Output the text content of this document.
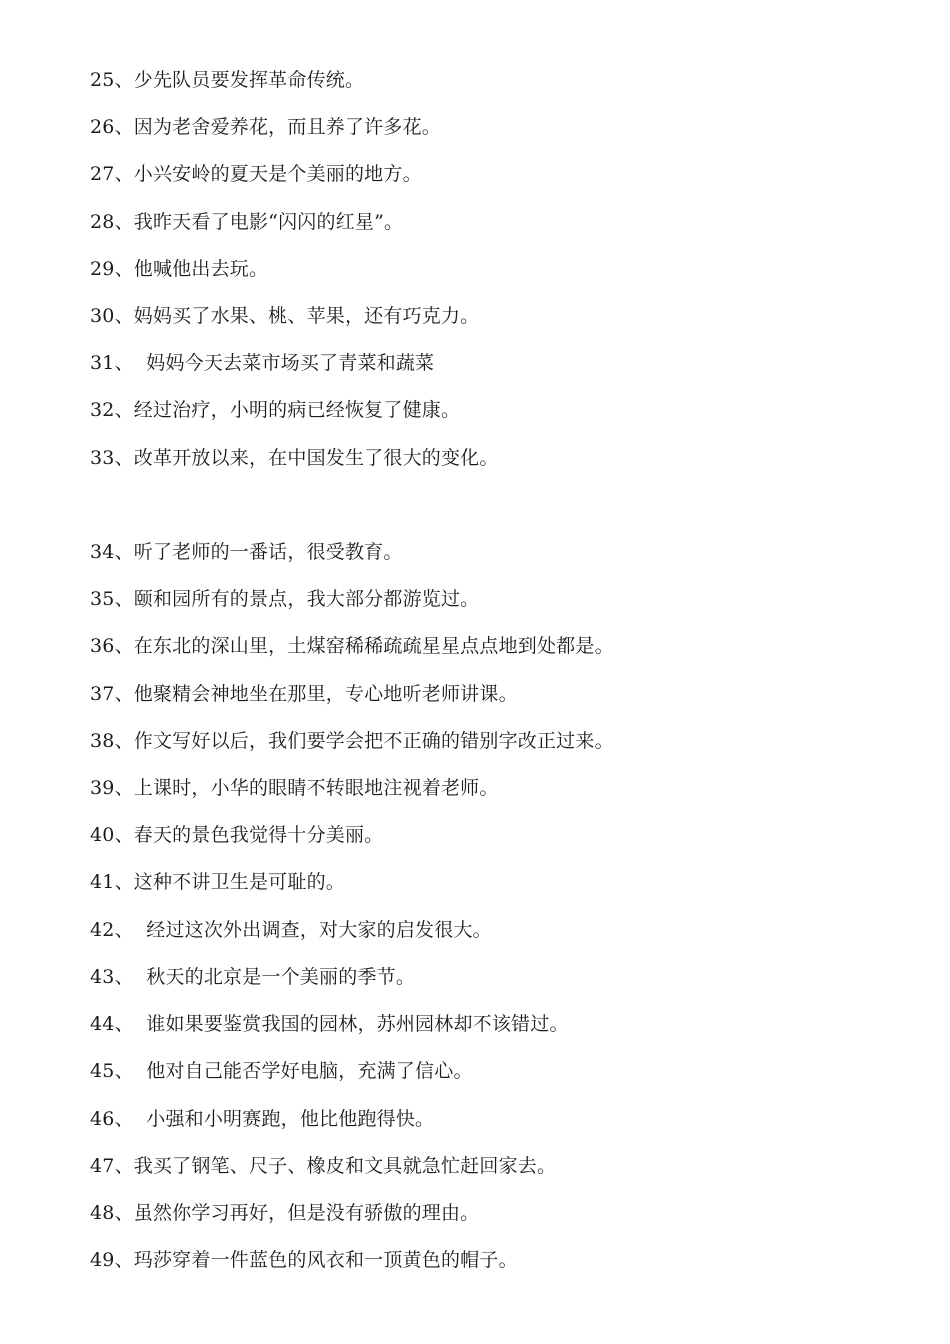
25、少先队员要发挥革命传统。
26、因为老舍爱养花，而且养了许多花。
27、小兴安岭的夏天是个美丽的地方。
28、我昨天看了电影“闪闪的红星”。
29、他喊他出去玩。
30、妈妈买了水果、桃、苹果，还有巧克力。
31、  妈妈今天去菜市场买了青菜和蔬菜
32、经过治疗，小明的病已经恢复了健康。
33、改革开放以来，在中国发生了很大的变化。
34、听了老师的一番话，很受教育。
35、颐和园所有的景点，我大部分都游览过。
36、在东北的深山里，土煤窑稀稀疏疏星星点点地到处都是。
37、他聚精会神地坐在那里，专心地听老师讲课。
38、作文写好以后，我们要学会把不正确的错别字改正过来。
39、上课时，小华的眼睛不转眼地注视着老师。
40、春天的景色我觉得十分美丽。
41、这种不讲卫生是可耻的。
42、  经过这次外出调查，对大家的启发很大。
43、  秋天的北京是一个美丽的季节。
44、  谁如果要鉴赏我国的园林，苏州园林却不该错过。
45、  他对自己能否学好电脑，充满了信心。
46、  小强和小明赛跑，他比他跑得快。
47、我买了钢笔、尺子、橡皮和文具就急忙赶回家去。
48、虽然你学习再好，但是没有骄傲的理由。
49、玛莎穿着一件蓝色的风衣和一顶黄色的帽子。
